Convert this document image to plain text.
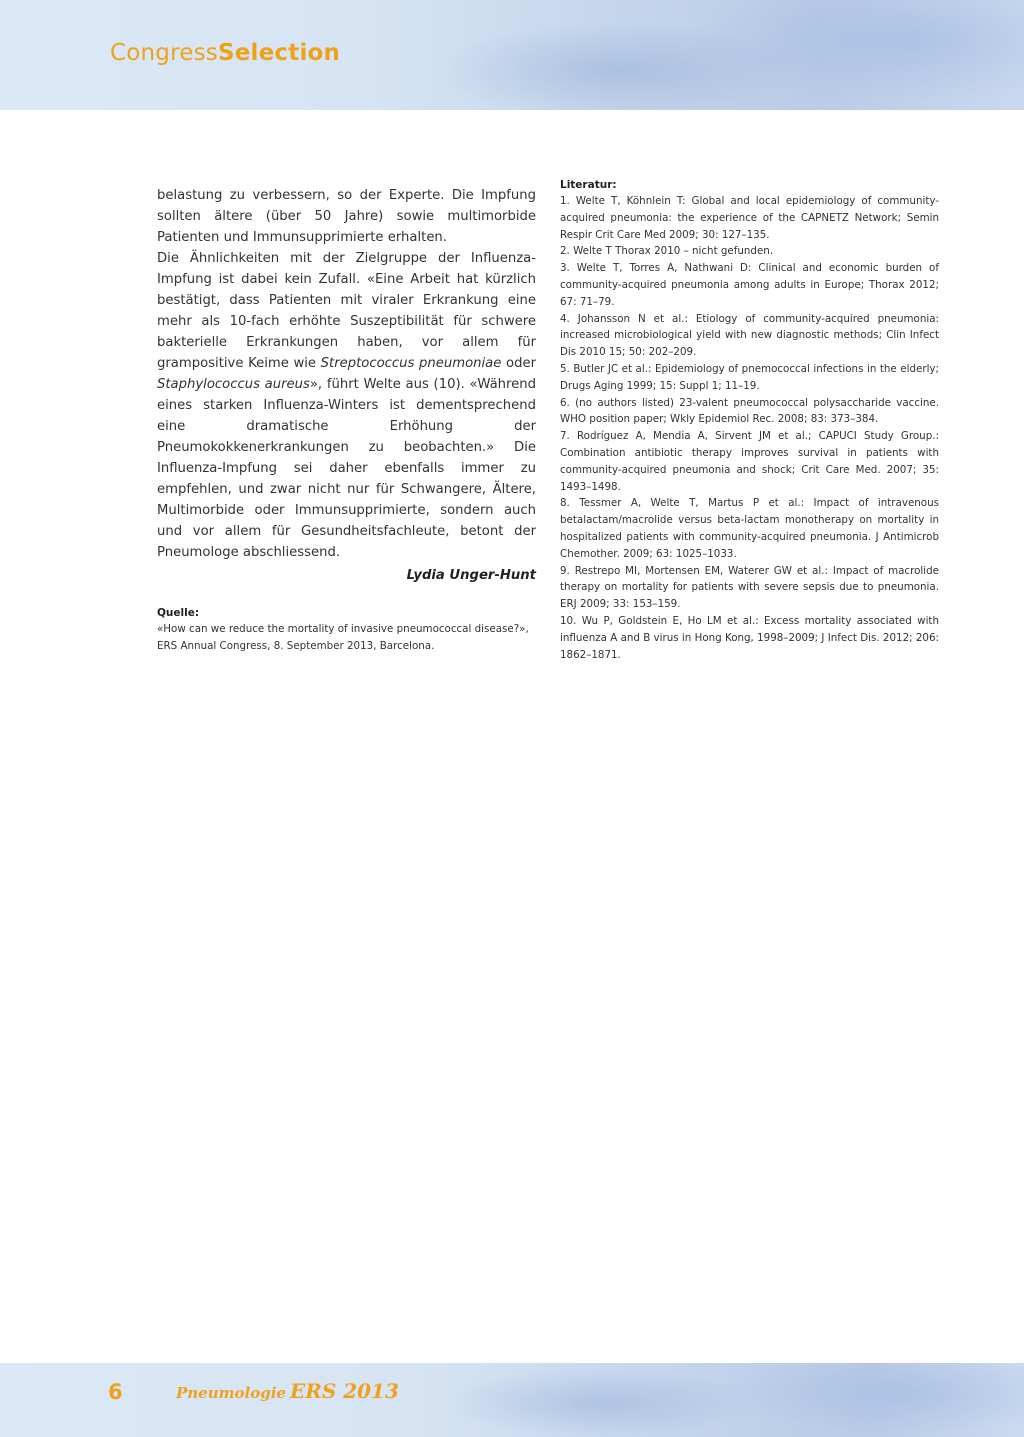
CongressSelection

belastung zu verbessern, so der Experte. Die Impfung sollten ältere (über 50 Jahre) sowie multimorbide Patienten und Immunsupprimierte erhalten.

Die Ähnlichkeiten mit der Zielgruppe der Influenza-Impfung ist dabei kein Zufall. «Eine Arbeit hat kürzlich bestätigt, dass Patienten mit viraler Erkrankung eine mehr als 10-fach erhöhte Suszeptibilität für schwere bakterielle Erkrankungen haben, vor allem für grampositive Keime wie Streptococcus pneumoniae oder Staphylococcus aureus», führt Welte aus (10). «Während eines starken Influenza-Winters ist dementsprechend eine dramatische Erhöhung der Pneumokokkenerkrankungen zu beobachten.» Die Influenza-Impfung sei daher ebenfalls immer zu empfehlen, und zwar nicht nur für Schwangere, Ältere, Multimorbide oder Immunsupprimierte, sondern auch und vor allem für Gesundheitsfachleute, betont der Pneumologe abschliessend.

Lydia Unger-Hunt
Quelle:
«How can we reduce the mortality of invasive pneumococcal disease?»,
ERS Annual Congress, 8. September 2013, Barcelona.
Literatur:
1. Welte T, Köhnlein T: Global and local epidemiology of community-acquired pneumonia: the experience of the CAPNETZ Network; Semin Respir Crit Care Med 2009; 30: 127–135.
2. Welte T Thorax 2010 – nicht gefunden.
3. Welte T, Torres A, Nathwani D: Clinical and economic burden of community-acquired pneumonia among adults in Europe; Thorax 2012; 67: 71–79.
4. Johansson N et al.: Etiology of community-acquired pneumonia: increased microbiological yield with new diagnostic methods; Clin Infect Dis 2010 15; 50: 202–209.
5. Butler JC et al.: Epidemiology of pnemococcal infections in the elderly; Drugs Aging 1999; 15: Suppl 1; 11–19.
6. (no authors listed) 23-valent pneumococcal polysaccharide vaccine. WHO position paper; Wkly Epidemiol Rec. 2008; 83: 373–384.
7. Rodríguez A, Mendia A, Sirvent JM et al.; CAPUCI Study Group.: Combination antibiotic therapy improves survival in patients with community-acquired pneumonia and shock; Crit Care Med. 2007; 35: 1493–1498.
8. Tessmer A, Welte T, Martus P et al.: Impact of intravenous betalactam/macrolide versus beta-lactam monotherapy on mortality in hospitalized patients with community-acquired pneumonia. J Antimicrob Chemother. 2009; 63: 1025–1033.
9. Restrepo MI, Mortensen EM, Waterer GW et al.: Impact of macrolide therapy on mortality for patients with severe sepsis due to pneumonia. ERJ 2009; 33: 153–159.
10. Wu P, Goldstein E, Ho LM et al.: Excess mortality associated with influenza A and B virus in Hong Kong, 1998–2009; J Infect Dis. 2012; 206: 1862–1871.
6	Pneumologie ERS 2013
